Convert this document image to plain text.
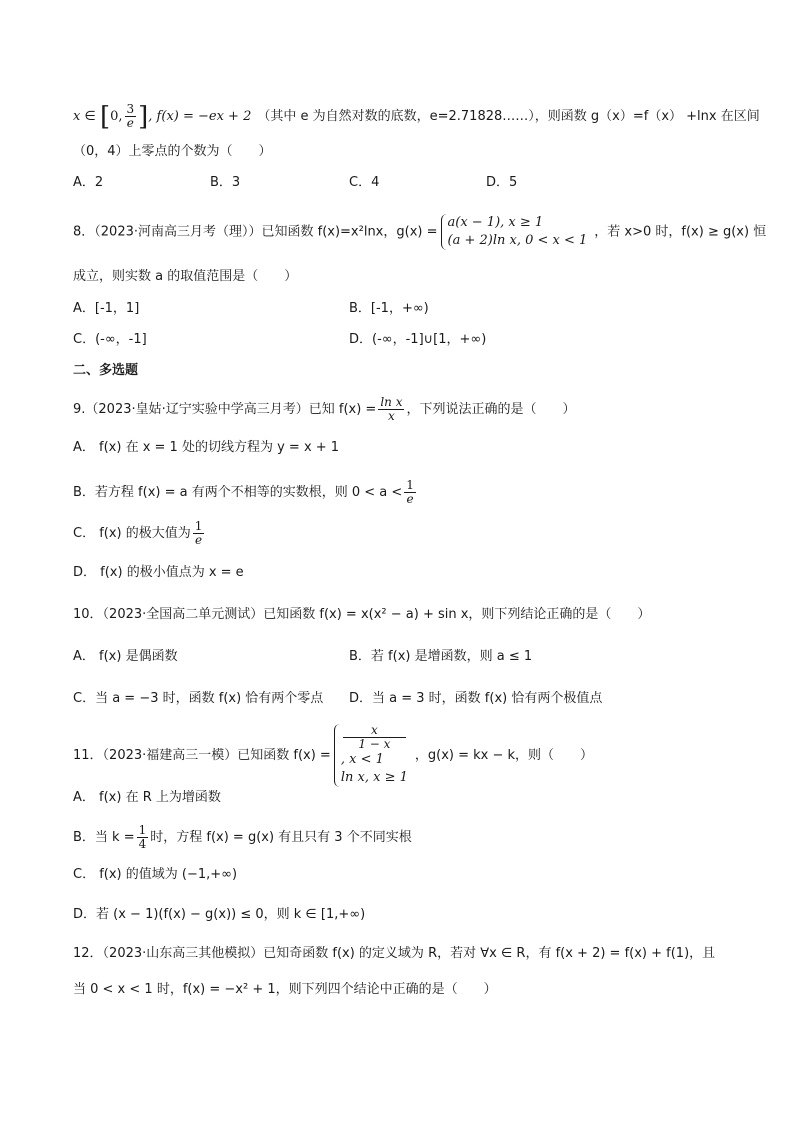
x ∈ [0, $\frac{3}{e}$ ], f(x) = −ex + 2 （其中 e 为自然对数的底数，e=2.71828……），则函数 g（x）=f（x） +lnx 在区间
（0，4）上零点的个数为（　　）
A．2	B．3	C．4	D．5
8．（2023·河南高三月考（理））已知函数 f(x)=x²lnx，g(x) =
a(x − 1), x ≥ 1
(a + 2)ln x, 0 < x < 1
，若 x>0 时，f(x) ≥ g(x) 恒
成立，则实数 a 的取值范围是（　　）
A．[-1，1]	B．[-1，+∞)
C．(-∞，-1]	D．(-∞，-1]∪[1，+∞)
二、多选题
9.（2023·皇姑·辽宁实验中学高三月考）已知 $f(x) = \frac{\text{ln x}}{x}$ ，下列说法正确的是（　　）
A． f(x) 在 x = 1 处的切线方程为 y = x + 1
B．若方程 f(x) = a 有两个不相等的实数根，则 $0 < a < \frac{1}{e}$
C． f(x) 的极大值为 $\frac{1}{e}$
D． f(x) 的极小值点为 x = e
10．（2023·全国高二单元测试）已知函数 f(x) = x(x² − a) + sin x，则下列结论正确的是（　　）
A． f(x) 是偶函数	B．若 f(x) 是增函数，则 a ≤ 1
C．当 a = −3 时，函数 f(x) 恰有两个零点 D．当 a = 3 时，函数 f(x) 恰有两个极值点
11．（2023·福建高三一模）已知函数 f(x) =
x
1 − x
, x < 1
ln x, x ≥ 1
，g(x) = kx − k，则（　　）
A． f(x) 在 R 上为增函数
B．当 $k = \frac{1}{4}$ 时，方程 f(x) = g(x) 有且只有 3 个不同实根
C． f(x) 的值域为 (−1,+∞)
D．若 (x − 1)(f(x) − g(x)) ≤ 0，则 k ∈ [1,+∞)
12．（2023·山东高三其他模拟）已知奇函数 f(x) 的定义域为 R，若对 ∀x ∈ R，有 f(x + 2) = f(x) + f(1)，且
当 0 < x < 1 时，f(x) = −x² + 1，则下列四个结论中正确的是（　　）
